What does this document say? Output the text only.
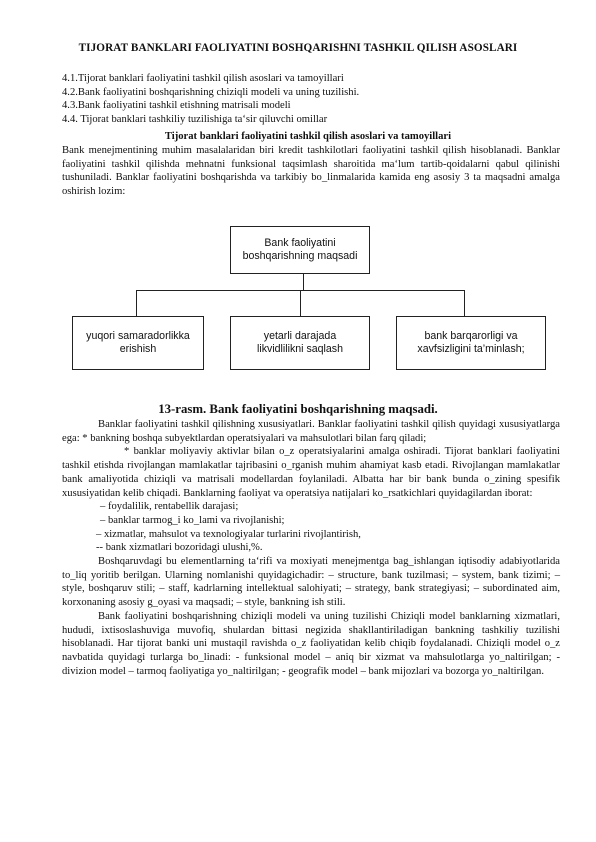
TIJORAT BANKLARI FAOLIYATINI BOSHQARISHNI TASHKIL QILISH ASOSLARI
4.1.Tijorat banklari faoliyatini tashkil qilish asoslari va tamoyillari
4.2.Bank faoliyatini boshqarishning chiziqli modeli va uning tuzilishi.
4.3.Bank faoliyatini tashkil etishning matrisali modeli
4.4. Tijorat banklari tashkiliy tuzilishiga ta‘sir qiluvchi omillar
Tijorat banklari faoliyatini tashkil qilish asoslari va tamoyillari

Bank menejmentining muhim masalalaridan biri kredit tashkilotlari faoliyatini tashkil qilish hisoblanadi. Banklar faoliyatini tashkil qilishda mehnatni funksional taqsimlash sharoitida ma‘lum tartib-qoidalarni qabul qilinishi tushuniladi. Banklar faoliyatini boshqarishda va tarkibiy bo_linmalarida kamida eng asosiy 3 ta maqsadni amalga oshirish lozim:

Bank faoliyatini
boshqarishning maqsadi
yuqori samaradorlikka
erishish
yetarli darajada
likvidlilikni saqlash
bank barqarorligi va
xavfsizligini ta’minlash;
13-rasm. Bank faoliyatini boshqarishning maqsadi.

Banklar faoliyatini tashkil qilishning xususiyatlari. Banklar faoliyatini tashkil qilish quyidagi xususiyatlarga ega: * bankning boshqa subyektlardan operatsiyalari va mahsulotlari bilan farq qiladi;

* banklar moliyaviy aktivlar bilan o_z operatsiyalarini amalga oshiradi. Tijorat banklari faoliyatini tashkil etishda rivojlangan mamlakatlar tajribasini o_rganish muhim ahamiyat kasb etadi. Rivojlangan mamlakatlar bank amaliyotida chiziqli va matrisali modellardan foylaniladi. Albatta har bir bank bunda o_zining spesifik xususiyatidan kelib chiqadi. Banklarning faoliyat va operatsiya natijalari ko_rsatkichlari quyidagilardan iborat:

– foydalilik, rentabellik darajasi;

– banklar tarmog_i ko_lami va rivojlanishi;

– xizmatlar, mahsulot va texnologiyalar turlarini rivojlantirish,

-- bank xizmatlari bozoridagi ulushi,%.

Boshqaruvdagi bu elementlarning ta‘rifi va moxiyati menejmentga bag_ishlangan iqtisodiy adabiyotlarida to_liq yoritib berilgan. Ularning nomlanishi quyidagichadir: – structure, bank tuzilmasi; – system, bank tizimi; – style, boshqaruv stili; – staff, kadrlarning intellektual salohiyati; – strategy, bank strategiyasi; – subordinated aim, korxonaning asosiy g_oyasi va maqsadi; – style, bankning ish stili.

Bank faoliyatini boshqarishning chiziqli modeli va uning tuzilishi Chiziqli model banklarning xizmatlari, hududi, ixtisoslashuviga muvofiq, shulardan bittasi negizida shakllantiriladigan bankning tashkiliy tuzilishi hisoblanadi. Har tijorat banki uni mustaqil ravishda o_z faoliyatidan kelib chiqib foydalanadi. Chiziqli model o_z navbatida quyidagi turlarga bo_linadi: - funksional model – aniq bir xizmat va mahsulotlarga yo_naltirilgan; - divizion model – tarmoq faoliyatiga yo_naltirilgan; - geografik model – bank mijozlari va bozorga yo_naltirilgan.
